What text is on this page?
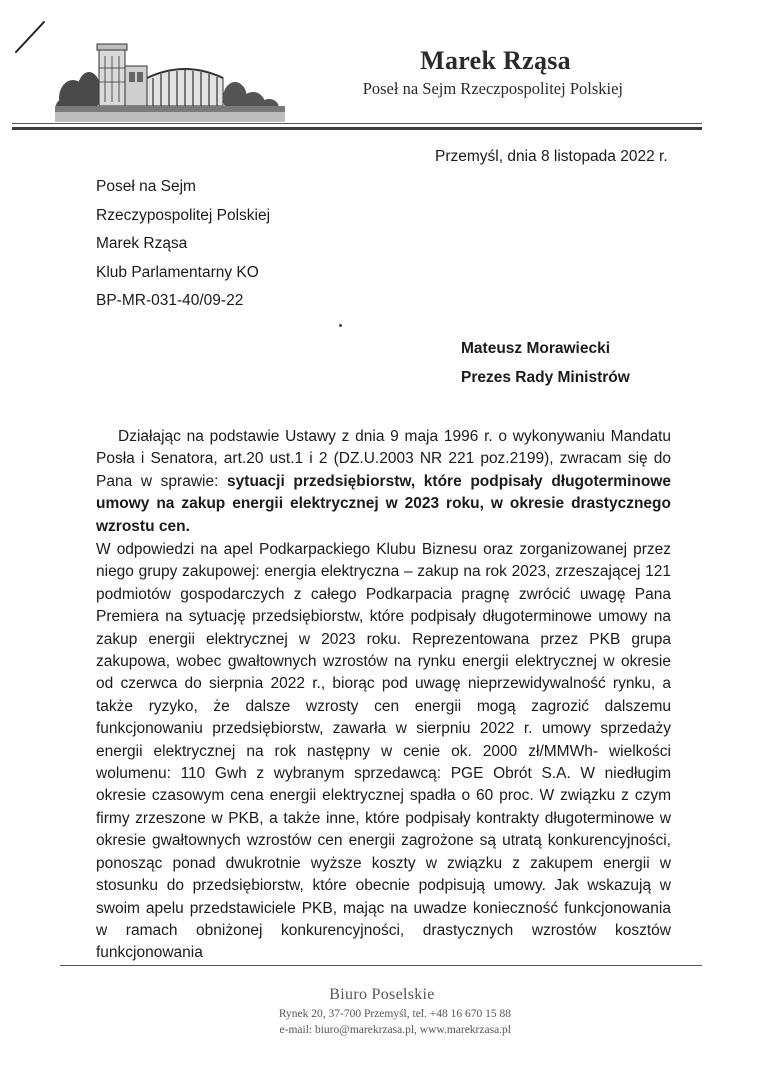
Marek Rząsa

Poseł na Sejm Rzeczpospolitej Polskiej

Przemyśl, dnia 8 listopada 2022 r.

Poseł na Sejm
Rzeczypospolitej Polskiej
Marek Rząsa
Klub Parlamentarny KO
BP-MR-031-40/09-22
Mateusz Morawiecki
Prezes Rady Ministrów

Działając na podstawie Ustawy z dnia 9 maja 1996 r. o wykonywaniu Mandatu Posła i Senatora, art.20 ust.1 i 2 (DZ.U.2003 NR 221 poz.2199), zwracam się do Pana w sprawie: sytuacji przedsiębiorstw, które podpisały długoterminowe umowy na zakup energii elektrycznej w 2023 roku, w okresie drastycznego wzrostu cen.

W odpowiedzi na apel Podkarpackiego Klubu Biznesu oraz zorganizowanej przez niego grupy zakupowej: energia elektryczna – zakup na rok 2023, zrzeszającej 121 podmiotów gospodarczych z całego Podkarpacia pragnę zwrócić uwagę Pana Premiera na sytuację przedsiębiorstw, które podpisały długoterminowe umowy na zakup energii elektrycznej w 2023 roku. Reprezentowana przez PKB grupa zakupowa, wobec gwałtownych wzrostów na rynku energii elektrycznej w okresie od czerwca do sierpnia 2022 r., biorąc pod uwagę nieprzewidywalność rynku, a także ryzyko, że dalsze wzrosty cen energii mogą zagrozić dalszemu funkcjonowaniu przedsiębiorstw, zawarła w sierpniu 2022 r. umowy sprzedaży energii elektrycznej na rok następny w cenie ok. 2000 zł/MMWh- wielkości wolumenu: 110 Gwh z wybranym sprzedawcą: PGE Obrót S.A. W niedługim okresie czasowym cena energii elektrycznej spadła o 60 proc. W związku z czym firmy zrzeszone w PKB, a także inne, które podpisały kontrakty długoterminowe w okresie gwałtownych wzrostów cen energii zagrożone są utratą konkurencyjności, ponosząc ponad dwukrotnie wyższe koszty w związku z zakupem energii w stosunku do przedsiębiorstw, które obecnie podpisują umowy. Jak wskazują w swoim apelu przedstawiciele PKB, mając na uwadze konieczność funkcjonowania w ramach obniżonej konkurencyjności, drastycznych wzrostów kosztów funkcjonowania

Biuro Poselskie

Rynek 20, 37-700 Przemyśl, tel. +48 16 670 15 88

e-mail: biuro@marekrzasa.pl, www.marekrzasa.pl
